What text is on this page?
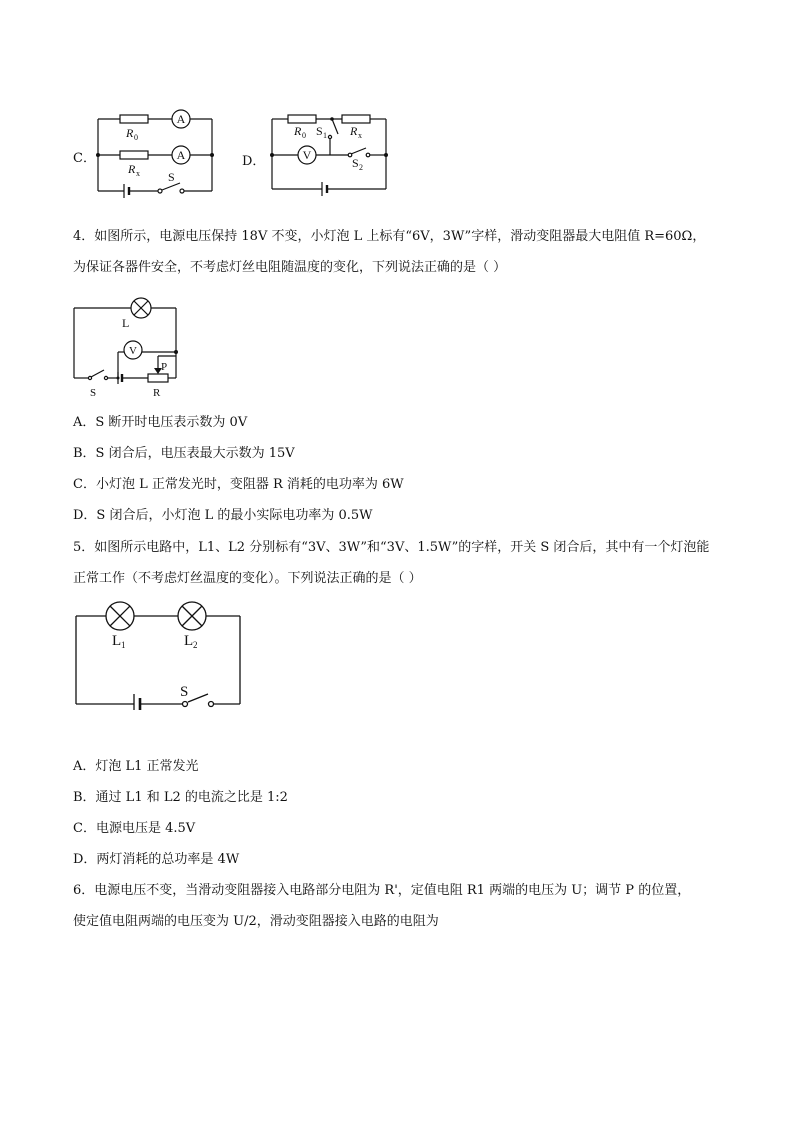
C．
A
A
R 0
R x S
D．	V
R 0 S 1 R x
S 2
4．如图所示，电源电压保持 18V 不变，小灯泡 L 上标有“6V，3W”字样，滑动变阻器最大电阻值 R=60Ω，
为保证各器件安全，不考虑灯丝电阻随温度的变化，下列说法正确的是（ ）
V
L
P
S	R
A．S 断开时电压表示数为 0V
B．S 闭合后，电压表最大示数为 15V
C．小灯泡 L 正常发光时，变阻器 R 消耗的电功率为 6W
D．S 闭合后，小灯泡 L 的最小实际电功率为 0.5W
5．如图所示电路中，L1、L2 分别标有“3V、3W”和“3V、1.5W”的字样，开关 S 闭合后，其中有一个灯泡能
正常工作（不考虑灯丝温度的变化）。下列说法正确的是（ ）
L 1	L 2
S
A．灯泡 L1 正常发光
B．通过 L1 和 L2 的电流之比是 1:2
C．电源电压是 4.5V
D．两灯消耗的总功率是 4W
6．电源电压不变，当滑动变阻器接入电路部分电阻为 R'，定值电阻 R1 两端的电压为 U；调节 P 的位置，
使定值电阻两端的电压变为 U/2，滑动变阻器接入电路的电阻为
